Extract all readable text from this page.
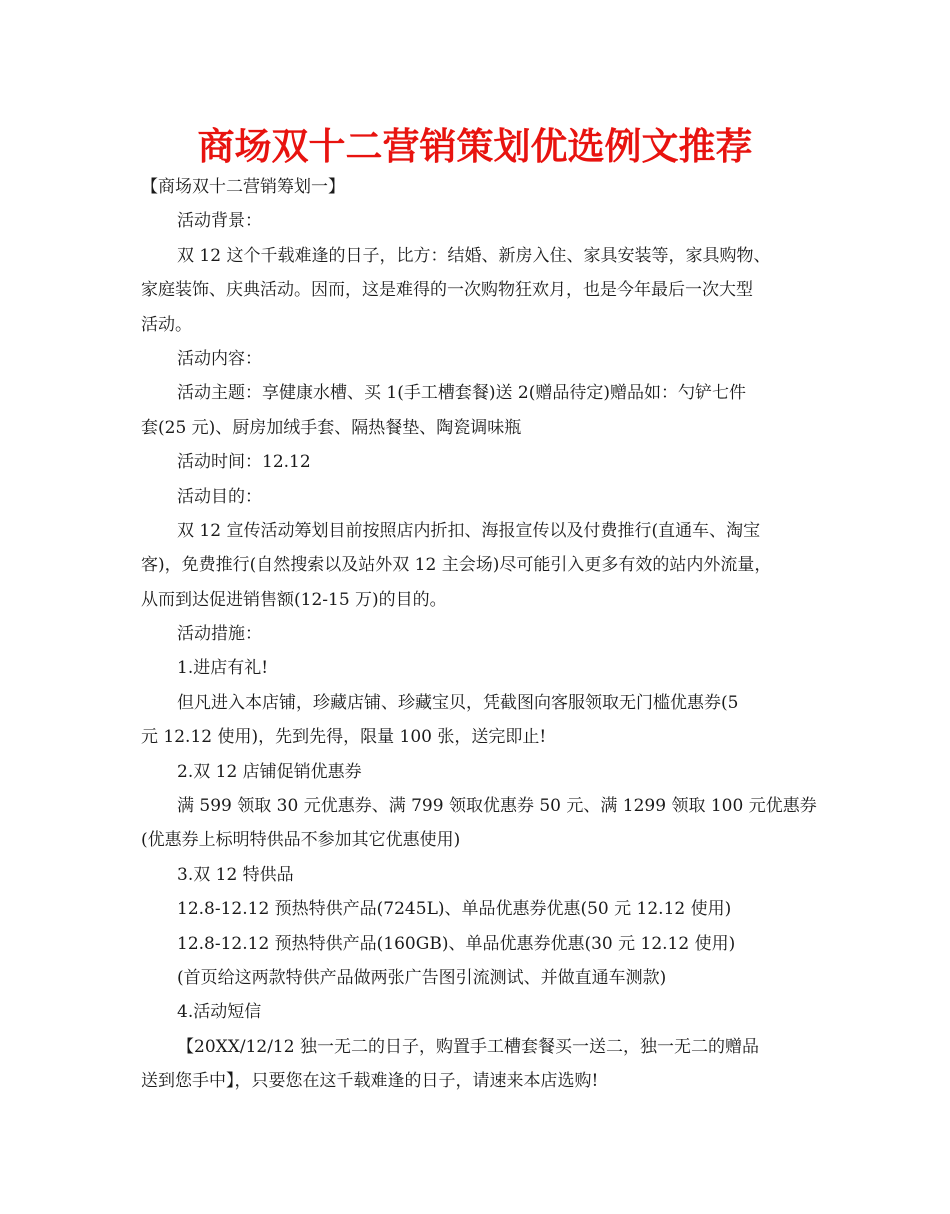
商场双十二营销策划优选例文推荐

【商场双十二营销筹划一】

活动背景：

双 12 这个千载难逢的日子，比方：结婚、新房入住、家具安装等，家具购物、

家庭装饰、庆典活动。因而，这是难得的一次购物狂欢月，也是今年最后一次大型

活动。

活动内容：

活动主题：享健康水槽、买 1(手工槽套餐)送 2(赠品待定)赠品如：勺铲七件

套(25 元)、厨房加绒手套、隔热餐垫、陶瓷调味瓶

活动时间：12.12

活动目的：

双 12 宣传活动筹划目前按照店内折扣、海报宣传以及付费推行(直通车、淘宝

客)，免费推行(自然搜索以及站外双 12 主会场)尽可能引入更多有效的站内外流量，

从而到达促进销售额(12-15 万)的目的。

活动措施：

1.进店有礼!

但凡进入本店铺，珍藏店铺、珍藏宝贝，凭截图向客服领取无门槛优惠券(5

元 12.12 使用)，先到先得，限量 100 张，送完即止!

2.双 12 店铺促销优惠券

满 599 领取 30 元优惠券、满 799 领取优惠券 50 元、满 1299 领取 100 元优惠券

(优惠券上标明特供品不参加其它优惠使用)

3.双 12 特供品

12.8-12.12 预热特供产品(7245L)、单品优惠券优惠(50 元 12.12 使用)

12.8-12.12 预热特供产品(160GB)、单品优惠券优惠(30 元 12.12 使用)

(首页给这两款特供产品做两张广告图引流测试、并做直通车测款)

4.活动短信

【20XX/12/12 独一无二的日子，购置手工槽套餐买一送二，独一无二的赠品

送到您手中】，只要您在这千载难逢的日子，请速来本店选购!
